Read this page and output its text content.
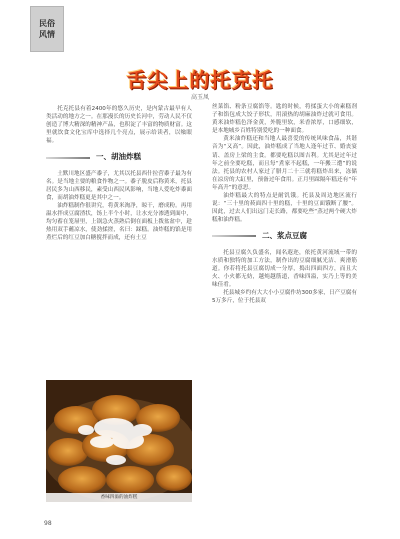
民俗
风情
舌尖上的托克托
高玉凤

托克托县有着2400年的悠久历史，是内蒙古最早有人类活动的地方之一。在那漫长的历史长河中，劳动人民不仅创造了博大精深的精神产品，也积淀了丰富的物质财富。这里就饮食文化宝库中选择几个亮点，展示给读者，以飨眼福。

一、胡油炸糕

土默川地区盛产黍子，尤其以托县西什拉营黍子最为有名。是当地主要的粮食作物之一。黍子脱皮后称黄米，托县居民多为山西移民，素受山西民风影响，当地人爱吃炸黍面食，而胡油炸糕更是其中之一。

油炸糕制作很讲究，将黄米淘净，晾干，磨成粉。再用温水拌成豆腐渣状，饧上半个小时，让水充分渗透到面中，均匀蓄在笼屉里，上锅急火蒸熟后倒在面板上拨盆盆中，趁热用双手蘸凉水，使劲揉搓，名曰：踩糕。油炸糕的馅是用煮烂后的红豆加白糖搅拌而成，还有土豆

香味四溢的油炸糕

丝菜馅、粉条豆腐馅等。匙的时候，将揉蛋大小的素糕剂子和馅包成大饺子形状，用滚热的胡麻油炸过就可食用。黄米油炸糕色泽金黄，外脆里软，米香浓厚，口感细软，是本地城乡百姓特别爱吃的一种面食。

黄米油炸糕还和当地人最喜爱的传统风味食品，其谐音为“又高”。因此，油炸糕成了当地人逢年过节、婚丧宴请、盖房上梁的主食。都要吃糕以图吉利。尤其是过年过年之前全要吃糕，而且每“煮家不起糕，一年搬三遭”的说法。托县的农村人家过了腊月二十三就将糕炸出来，冻储在凉房的大缸里，预备过年食用。正月里踩隔年糕还有“年年高升”的意思。

油炸糕最大的特点是耐饥饿。托县及周边地区流行说：“三十里的莜面四十里的糕，十里的豆面饿断了腰”。因此，过去人们出远门走长路，都要吃些“蒸过两个硬大炸糕和油炸糕。

二、浆点豆腐

托县豆腐久负盛名，闻名遐迩，依托黄河流域一带的水质和独特的加工方法，制作出的豆腐细腻光洁、爽滑筋道。你若将托县豆腐切成一分厚，捣出四面四方，而且大火、小火都无妨，越炖越筋道，香味四溢，实乃上等的美味佳肴。

托县城乡约有大大小小豆腐作坊300多家，日产豆腐有5万多斤，位于托县双

98
